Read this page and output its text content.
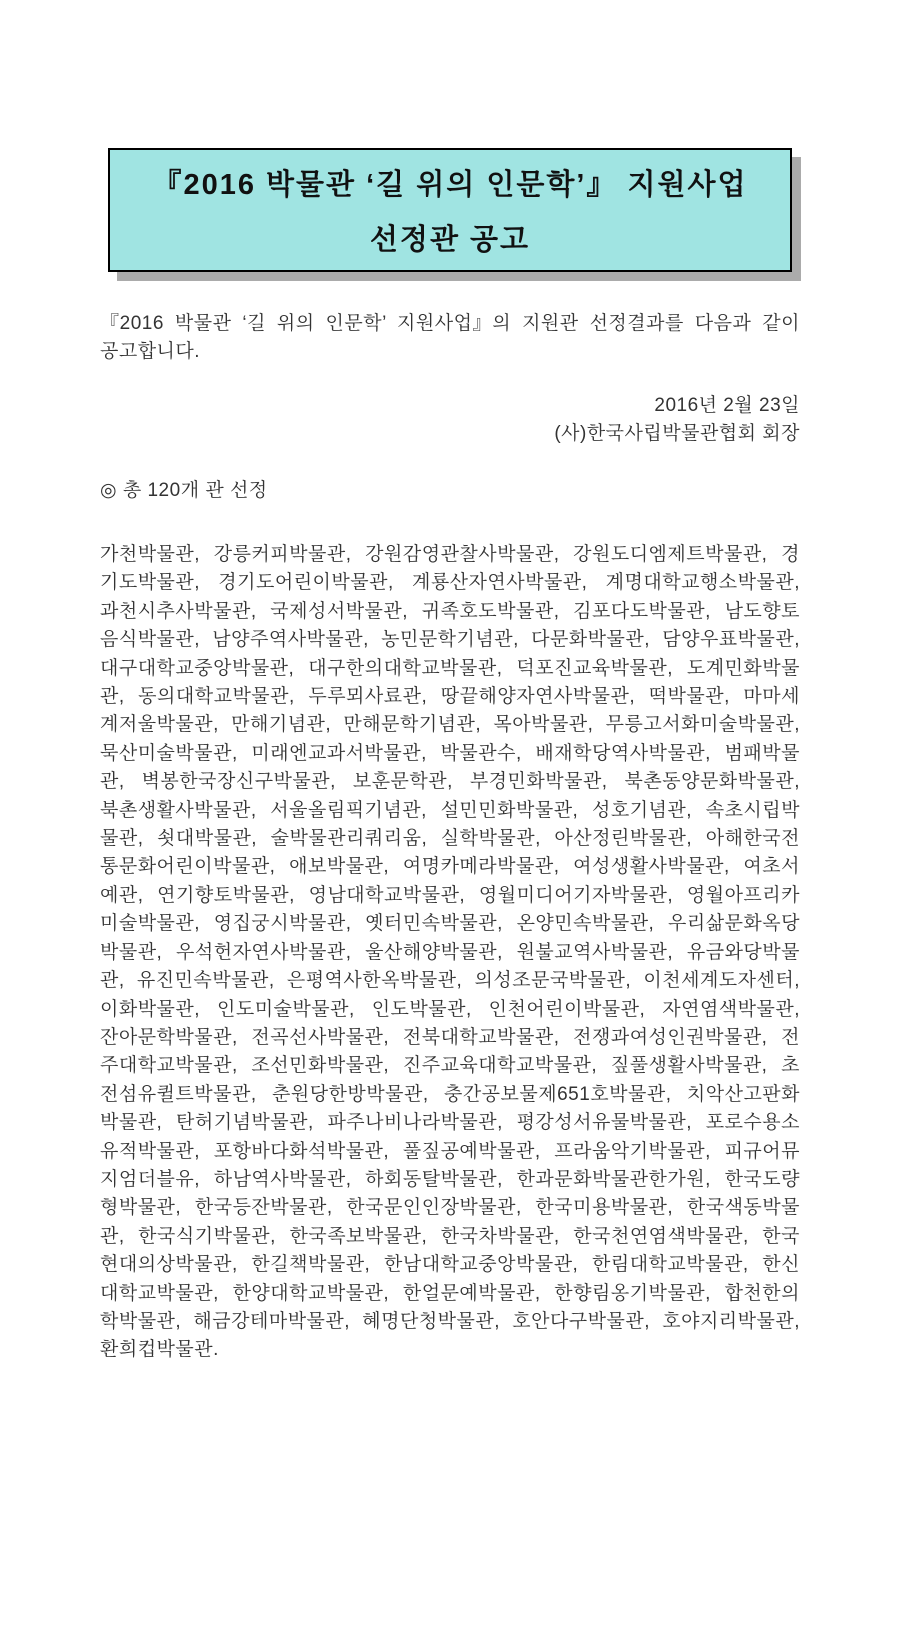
『2016 박물관 ‘길 위의 인문학’』 지원사업
선정관 공고

『2016 박물관 ‘길 위의 인문학’ 지원사업』의 지원관 선정결과를 다음과 같이 공고합니다.

2016년 2월 23일
(사)한국사립박물관협회 회장
◎ 총 120개 관 선정

가천박물관, 강릉커피박물관, 강원감영관찰사박물관, 강원도디엠제트박물관, 경기도박물관, 경기도어린이박물관, 계룡산자연사박물관, 계명대학교행소박물관, 과천시추사박물관, 국제성서박물관, 귀족호도박물관, 김포다도박물관, 남도향토음식박물관, 남양주역사박물관, 농민문학기념관, 다문화박물관, 담양우표박물관, 대구대학교중앙박물관, 대구한의대학교박물관, 덕포진교육박물관, 도계민화박물관, 동의대학교박물관, 두루뫼사료관, 땅끝해양자연사박물관, 떡박물관, 마마세계저울박물관, 만해기념관, 만해문학기념관, 목아박물관, 무릉고서화미술박물관, 묵산미술박물관, 미래엔교과서박물관, 박물관수, 배재학당역사박물관, 범패박물관, 벽봉한국장신구박물관, 보훈문학관, 부경민화박물관, 북촌동양문화박물관, 북촌생활사박물관, 서울올림픽기념관, 설민민화박물관, 성호기념관, 속초시립박물관, 쇳대박물관, 술박물관리쿼리움, 실학박물관, 아산정린박물관, 아해한국전통문화어린이박물관, 애보박물관, 여명카메라박물관, 여성생활사박물관, 여초서예관, 연기향토박물관, 영남대학교박물관, 영월미디어기자박물관, 영월아프리카미술박물관, 영집궁시박물관, 옛터민속박물관, 온양민속박물관, 우리삶문화옥당박물관, 우석헌자연사박물관, 울산해양박물관, 원불교역사박물관, 유금와당박물관, 유진민속박물관, 은평역사한옥박물관, 의성조문국박물관, 이천세계도자센터, 이화박물관, 인도미술박물관, 인도박물관, 인천어린이박물관, 자연염색박물관, 잔아문학박물관, 전곡선사박물관, 전북대학교박물관, 전쟁과여성인권박물관, 전주대학교박물관, 조선민화박물관, 진주교육대학교박물관, 짚풀생활사박물관, 초전섬유퀼트박물관, 춘원당한방박물관, 충간공보물제651호박물관, 치악산고판화박물관, 탄허기념박물관, 파주나비나라박물관, 평강성서유물박물관, 포로수용소유적박물관, 포항바다화석박물관, 풀짚공예박물관, 프라움악기박물관, 피규어뮤지엄더블유, 하남역사박물관, 하회동탈박물관, 한과문화박물관한가원, 한국도량형박물관, 한국등잔박물관, 한국문인인장박물관, 한국미용박물관, 한국색동박물관, 한국식기박물관, 한국족보박물관, 한국차박물관, 한국천연염색박물관, 한국현대의상박물관, 한길책박물관, 한남대학교중앙박물관, 한림대학교박물관, 한신대학교박물관, 한양대학교박물관, 한얼문예박물관, 한향림옹기박물관, 합천한의학박물관, 해금강테마박물관, 혜명단청박물관, 호안다구박물관, 호야지리박물관, 환희컵박물관.
